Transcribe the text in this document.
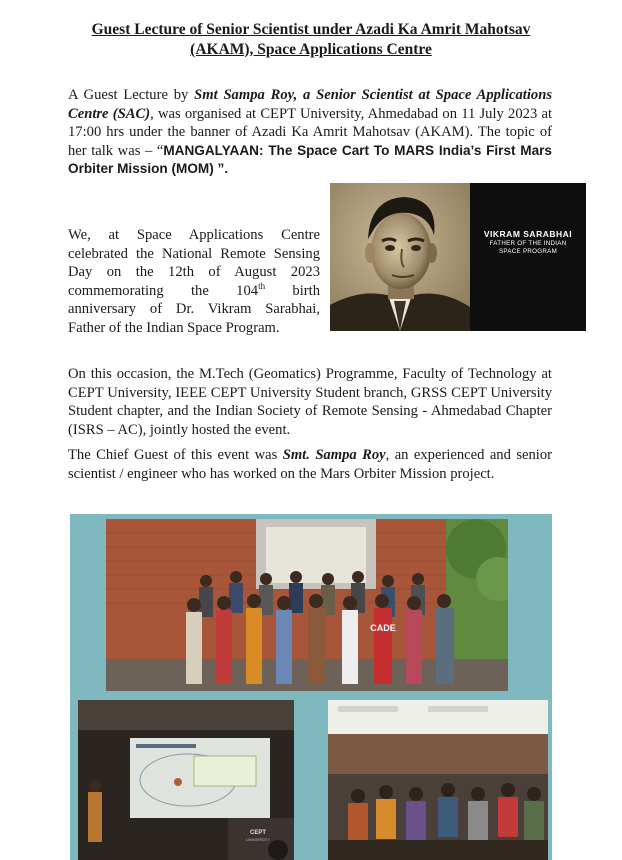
Guest Lecture of Senior Scientist under Azadi Ka Amrit Mahotsav
(AKAM), Space Applications Centre
A Guest Lecture by Smt Sampa Roy, a Senior Scientist at Space Applications Centre (SAC), was organised at CEPT University, Ahmedabad on 11 July 2023 at 17:00 hrs under the banner of Azadi Ka Amrit Mahotsav (AKAM). The topic of her talk was – “MANGALYAAN: The Space Cart To MARS India’s First Mars Orbiter Mission (MOM) ”.
We, at Space Applications Centre celebrated the National Remote Sensing Day on the 12th of August 2023 commemorating the 104th birth anniversary of Dr. Vikram Sarabhai, Father of the Indian Space Program.
VIKRAM SARABHAI
FATHER OF THE INDIAN
SPACE PROGRAM
On this occasion, the M.Tech (Geomatics) Programme, Faculty of Technology at CEPT University, IEEE CEPT University Student branch, GRSS CEPT University Student chapter, and the Indian Society of Remote Sensing - Ahmedabad Chapter (ISRS – AC), jointly hosted the event.
The Chief Guest of this event was Smt. Sampa Roy, an experienced and senior scientist / engineer who has worked on the Mars Orbiter Mission project.
CADE
CEPT
UNIVERSITY
